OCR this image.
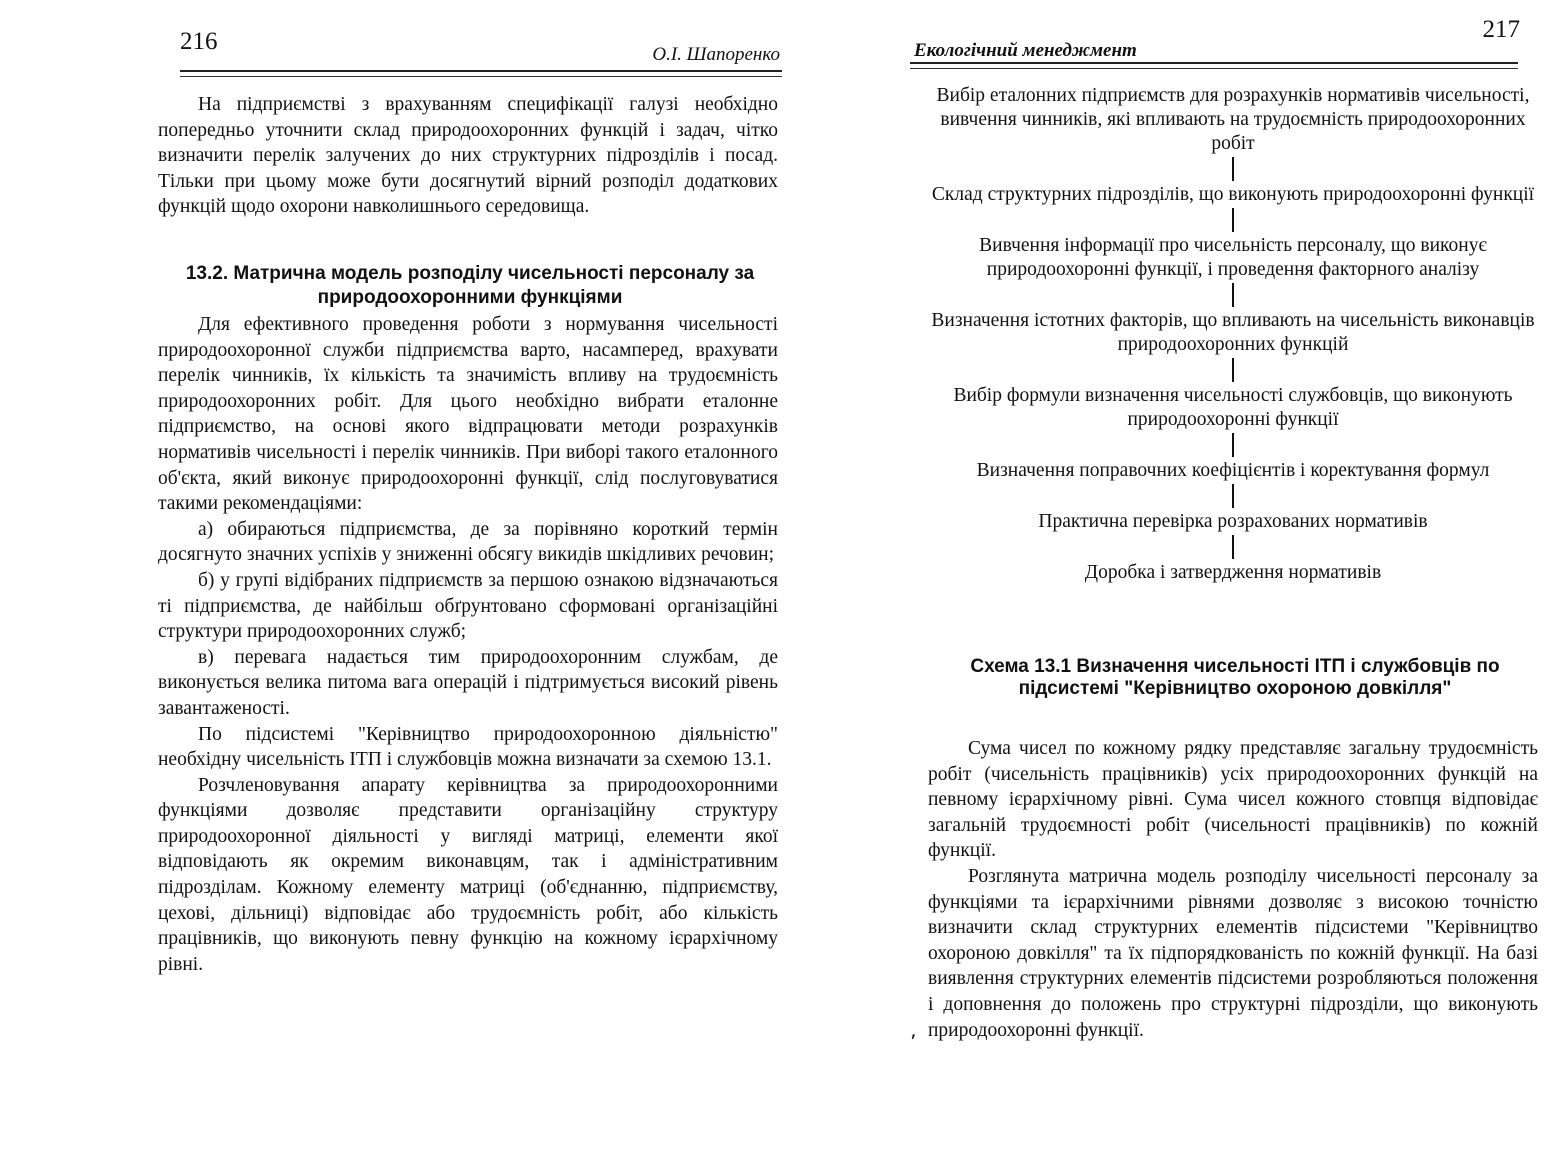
216	О.І. Шапоренко

На підприємстві з врахуванням специфікації галузі необхідно попередньо уточнити склад природоохоронних функцій і задач, чітко визначити перелік залучених до них структурних підрозділів і посад. Тільки при цьому може бути досягнутий вірний розподіл додаткових функцій щодо охорони навколишнього середовища.

13.2. Матрична модель розподілу чисельності персоналу за природоохоронними функціями

Для ефективного проведення роботи з нормування чисельності природоохоронної служби підприємства варто, насамперед, врахувати перелік чинників, їх кількість та значимість впливу на трудоємність природоохоронних робіт. Для цього необхідно вибрати еталонне підприємство, на основі якого відпрацювати методи розрахунків нормативів чисельності і перелік чинників. При виборі такого еталонного об'єкта, який виконує природоохоронні функції, слід послуговуватися такими рекомендаціями:

а) обираються підприємства, де за порівняно короткий термін досягнуто значних успіхів у зниженні обсягу викидів шкідливих речовин;

б) у групі відібраних підприємств за першою ознакою відзначаються ті підприємства, де найбільш обґрунтовано сформовані організаційні структури природоохоронних служб;

в) перевага надається тим природоохоронним службам, де виконується велика питома вага операцій і підтримується високий рівень завантаженості.

По підсистемі "Керівництво природоохоронною діяльністю" необхідну чисельність ІТП і службовців можна визначати за схемою 13.1.

Розчленовування апарату керівництва за природоохоронними функціями дозволяє представити організаційну структуру природоохоронної діяльності у вигляді матриці, елементи якої відповідають як окремим виконавцям, так і адміністративним підрозділам. Кожному елементу матриці (об'єднанню, підприємству, цехові, дільниці) відповідає або трудоємність робіт, або кількість працівників, що виконують певну функцію на кожному ієрархічному рівні.

217
Екологічний менеджмент
Вибір еталонних підприємств для розрахунків нормативів чисельності, вивчення чинників, які впливають на трудоємність природоохоронних робіт
Склад структурних підрозділів, що виконують природоохоронні функції
Вивчення інформації про чисельність персоналу, що виконує природоохоронні функції, і проведення факторного аналізу
Визначення істотних факторів, що впливають на чисельність виконавців природоохоронних функцій
Вибір формули визначення чисельності службовців, що виконують природоохоронні функції
Визначення поправочних коефіцієнтів і коректування формул
Практична перевірка розрахованих нормативів
Доробка і затвердження нормативів
Схема 13.1 Визначення чисельності ІТП і службовців по підсистемі "Керівництво охороною довкілля"

Сума чисел по кожному рядку представляє загальну трудоємність робіт (чисельність працівників) усіх природоохоронних функцій на певному ієрархічному рівні. Сума чисел кожного стовпця відповідає загальній трудоємності робіт (чисельності працівників) по кожній функції.

Розглянута матрична модель розподілу чисельності персоналу за функціями та ієрархічними рівнями дозволяє з високою точністю визначити склад структурних елементів підсистеми "Керівництво охороною довкілля" та їх підпорядкованість по кожній функції. На базі виявлення структурних елементів підсистеми розробляються положення і доповнення до положень про структурні підрозділи, що виконують природоохоронні функції.

٬
